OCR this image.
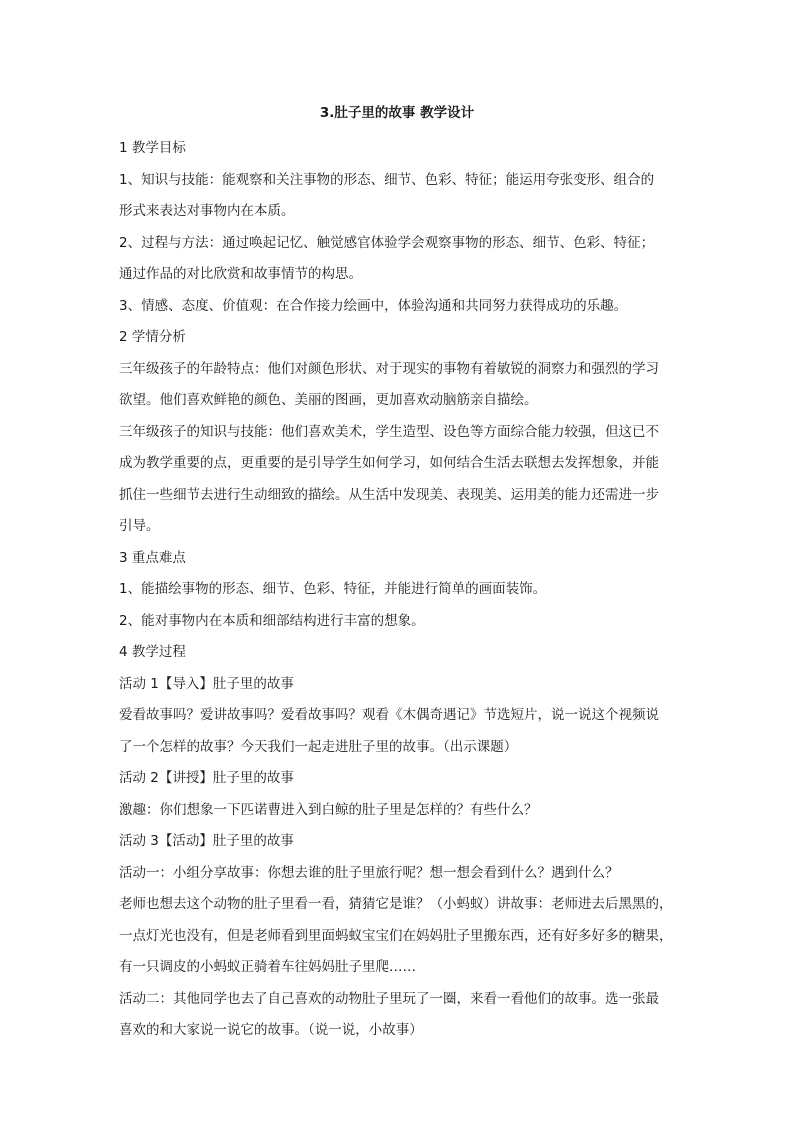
3.肚子里的故事 教学设计

1 教学目标

1、知识与技能：能观察和关注事物的形态、细节、色彩、特征；能运用夸张变形、组合的

形式来表达对事物内在本质。

2、过程与方法：通过唤起记忆、触觉感官体验学会观察事物的形态、细节、色彩、特征；

通过作品的对比欣赏和故事情节的构思。

3、情感、态度、价值观：在合作接力绘画中，体验沟通和共同努力获得成功的乐趣。

2 学情分析

三年级孩子的年龄特点：他们对颜色形状、对于现实的事物有着敏锐的洞察力和强烈的学习

欲望。他们喜欢鲜艳的颜色、美丽的图画，更加喜欢动脑筋亲自描绘。

三年级孩子的知识与技能：他们喜欢美术，学生造型、设色等方面综合能力较强，但这已不

成为教学重要的点，更重要的是引导学生如何学习，如何结合生活去联想去发挥想象，并能

抓住一些细节去进行生动细致的描绘。从生活中发现美、表现美、运用美的能力还需进一步

引导。

3 重点难点

1、能描绘事物的形态、细节、色彩、特征，并能进行简单的画面装饰。

2、能对事物内在本质和细部结构进行丰富的想象。

4 教学过程

活动 1【导入】肚子里的故事

爱看故事吗？爱讲故事吗？爱看故事吗？观看《木偶奇遇记》节选短片，说一说这个视频说

了一个怎样的故事？今天我们一起走进肚子里的故事。（出示课题）

活动 2【讲授】肚子里的故事

激趣：你们想象一下匹诺曹进入到白鲸的肚子里是怎样的？有些什么？

活动 3【活动】肚子里的故事

活动一：小组分享故事：你想去谁的肚子里旅行呢？想一想会看到什么？遇到什么？

老师也想去这个动物的肚子里看一看，猜猜它是谁？（小蚂蚁）讲故事：老师进去后黑黑的，

一点灯光也没有，但是老师看到里面蚂蚁宝宝们在妈妈肚子里搬东西，还有好多好多的糖果，

有一只调皮的小蚂蚁正骑着车往妈妈肚子里爬……

活动二：其他同学也去了自己喜欢的动物肚子里玩了一圈，来看一看他们的故事。选一张最

喜欢的和大家说一说它的故事。（说一说，小故事）
